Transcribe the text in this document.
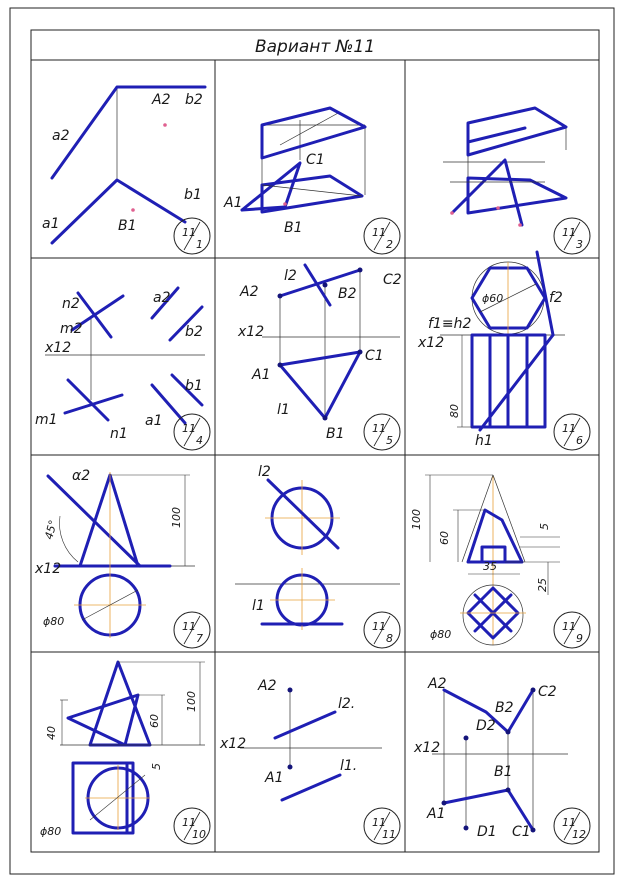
Вариант №11
a2
A2 b2
a1	B1
b1
C1
A1
B1
n2
m2
a2
b2
x12
b1
m1
n1
a1
l2
A2	B2
C2
x12
C1
A1
l1
B1
f2
f1≡h2
x12
h1
ϕ60
80
α2
x12
45°
100
ϕ80
l2
l1
100
60
5
35
25
ϕ80
40
60
100
5
ϕ80
A2
l2.
x12
A1
l1.
A2
B2
C2
D2
x12
B1
A1
D1 C1
11
1
11
2
11
3
11
4
11
5
11
6
11
7
11
8
11
9
11
10
11
11
11
12
